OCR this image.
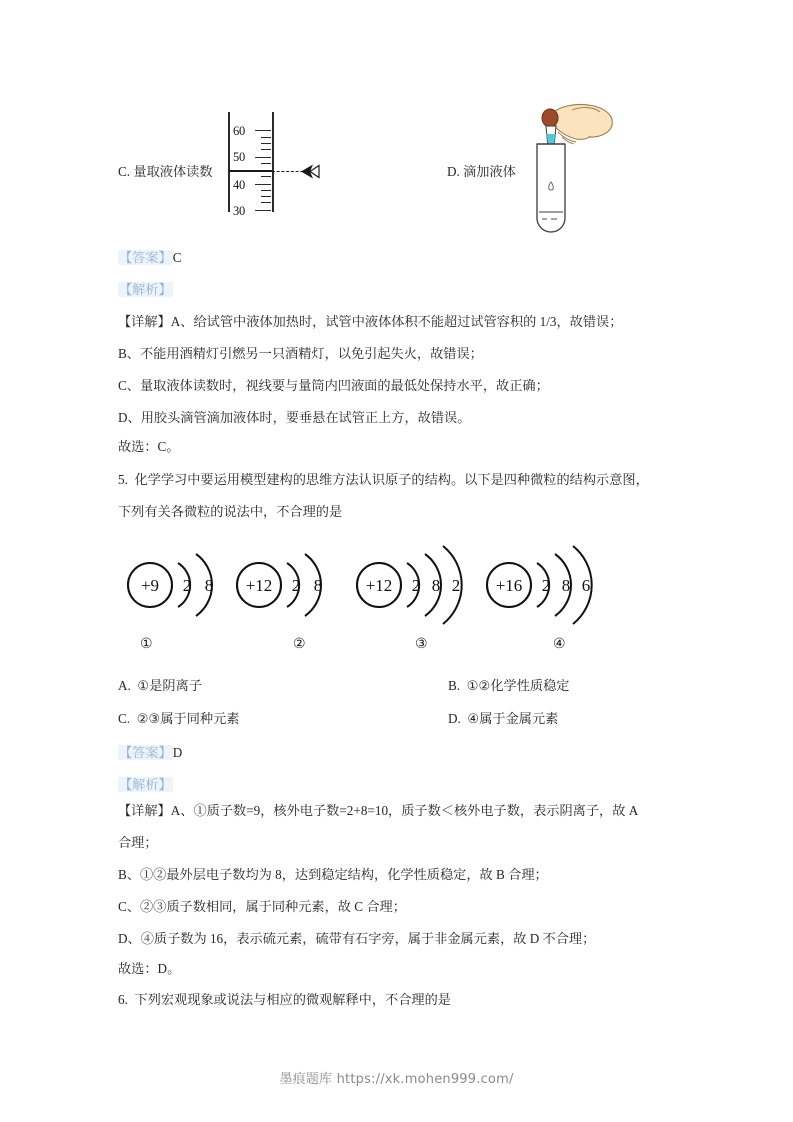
C. 量取液体读数
60
50
40
30
D. 滴加液体
【答案】C
【解析】
【详解】A、给试管中液体加热时，试管中液体体积不能超过试管容积的 1/3，故错误；
B、不能用酒精灯引燃另一只酒精灯，以免引起失火，故错误；
C、量取液体读数时，视线要与量筒内凹液面的最低处保持水平，故正确；
D、用胶头滴管滴加液体时，要垂悬在试管正上方，故错误。
故选：C。
5. 化学学习中要运用模型建构的思维方法认识原子的结构。以下是四种微粒的结构示意图，
下列有关各微粒的说法中，不合理的是
+9 2 8
①
+12 2 8
②
+12 2 8 2
③
+16 2 8 6
④
A. ①是阴离子	B. ①②化学性质稳定
C. ②③属于同种元素	D. ④属于金属元素
【答案】D
【解析】
【详解】A、①质子数=9，核外电子数=2+8=10，质子数＜核外电子数，表示阴离子，故 A
合理；
B、①②最外层电子数均为 8，达到稳定结构，化学性质稳定，故 B 合理；
C、②③质子数相同，属于同种元素，故 C 合理；
D、④质子数为 16，表示硫元素，硫带有石字旁，属于非金属元素，故 D 不合理；
故选：D。
6. 下列宏观现象或说法与相应的微观解释中，不合理的是
墨痕题库 https://xk.mohen999.com/
